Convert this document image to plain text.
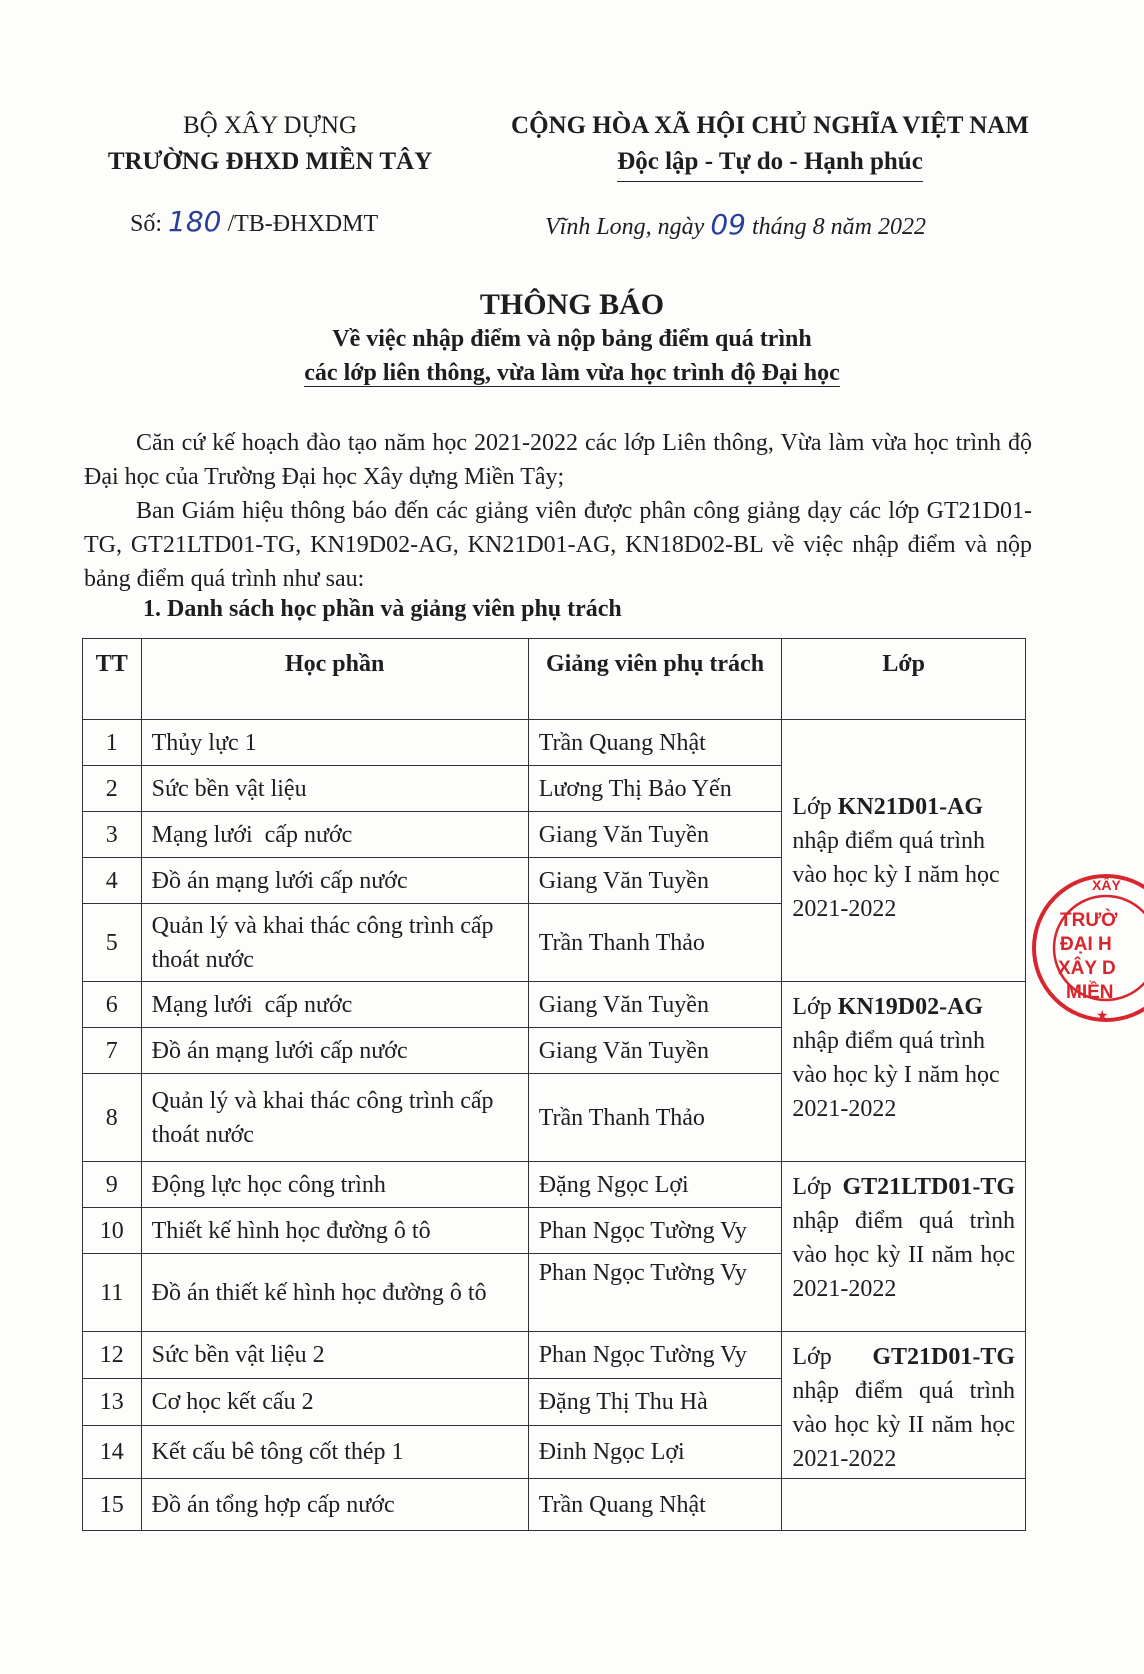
BỘ XÂY DỰNG
TRƯỜNG ĐHXD MIỀN TÂY
CỘNG HÒA XÃ HỘI CHỦ NGHĨA VIỆT NAM
Độc lập - Tự do - Hạnh phúc
Số: 180 /TB-ĐHXDMT	Vĩnh Long, ngày 09 tháng 8 năm 2022
THÔNG BÁO
Về việc nhập điểm và nộp bảng điểm quá trình
các lớp liên thông, vừa làm vừa học trình độ Đại học
Căn cứ kế hoạch đào tạo năm học 2021-2022 các lớp Liên thông, Vừa làm vừa học trình độ Đại học của Trường Đại học Xây dựng Miền Tây;
Ban Giám hiệu thông báo đến các giảng viên được phân công giảng dạy các lớp GT21D01-TG, GT21LTD01-TG, KN19D02-AG, KN21D01-AG, KN18D02-BL về việc nhập điểm và nộp bảng điểm quá trình như sau:
1. Danh sách học phần và giảng viên phụ trách
TT	Học phần	Giảng viên phụ trách	Lớp
1	Thủy lực 1	Trần Quang Nhật	Lớp KN21D01-AG nhập điểm quá trình vào học kỳ I năm học 2021-2022

2	Sức bền vật liệu	Lương Thị Bảo Yến	
3	Mạng lưới  cấp nước	Giang Văn Tuyền	
4	Đồ án mạng lưới cấp nước	Giang Văn Tuyền	
5	Quản lý và khai thác công trình cấp thoát nước	Trần Thanh Thảo	
6	Mạng lưới  cấp nước	Giang Văn Tuyền	Lớp KN19D02-AG nhập điểm quá trình vào học kỳ I năm học 2021-2022
7	Đồ án mạng lưới cấp nước	Giang Văn Tuyền	
8	Quản lý và khai thác công trình cấp thoát nước	Trần Thanh Thảo	
9	Động lực học công trình	Đặng Ngọc Lợi	Lớp GT21LTD01-TG nhập điểm quá trình vào học kỳ II năm học 2021-2022
10	Thiết kế hình học đường ô tô	Phan Ngọc Tường Vy	
11	Đồ án thiết kế hình học đường ô tô	Phan Ngọc Tường Vy	
12	Sức bền vật liệu 2	Phan Ngọc Tường Vy	Lớp GT21D01-TG nhập điểm quá trình vào học kỳ II năm học 2021-2022
13	Cơ học kết cấu 2	Đặng Thị Thu Hà	
14	Kết cấu bê tông cốt thép 1	Đinh Ngọc Lợi	
15	Đồ án tổng hợp cấp nước	Trần Quang Nhật	
XÂY
TRƯỜ
ĐẠI H
XÂY D
MIỀN
★
